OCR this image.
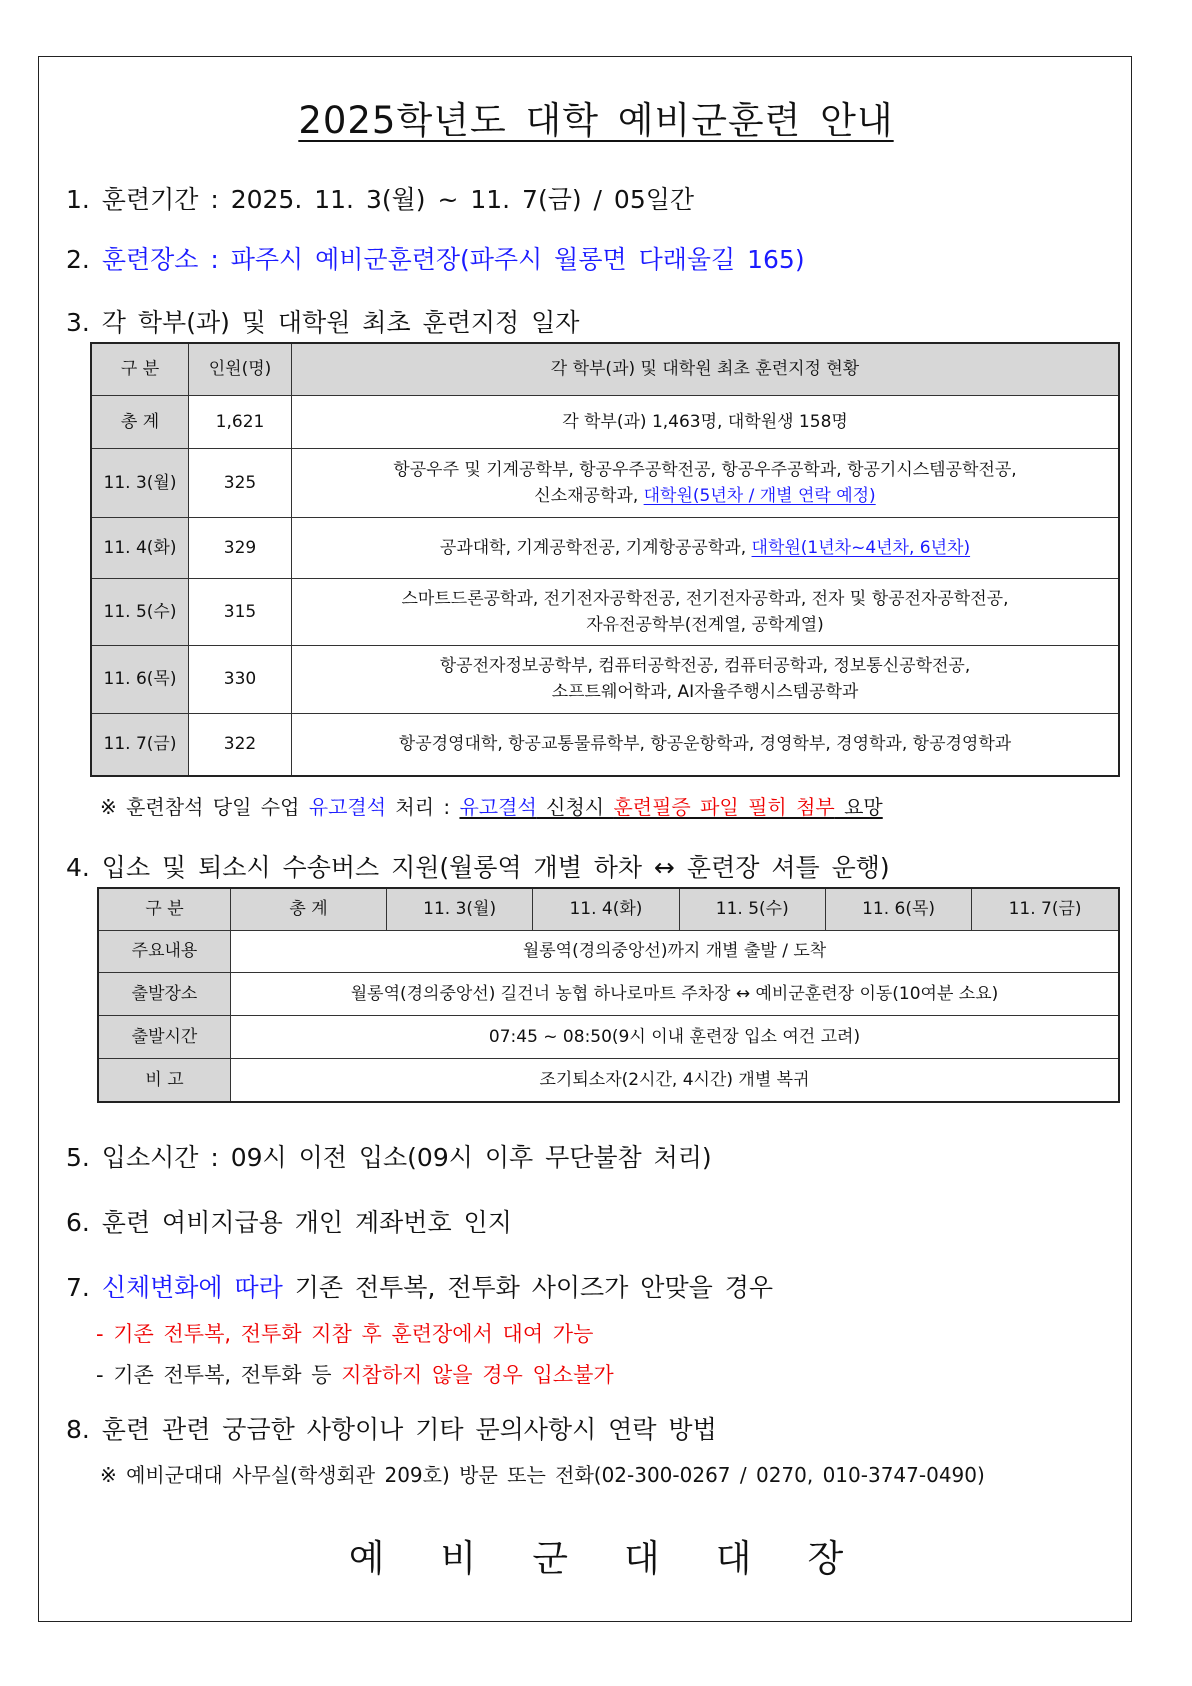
2025학년도 대학 예비군훈련 안내
1. 훈련기간 : 2025. 11. 3(월) ~ 11. 7(금) / 05일간
2. 훈련장소 : 파주시 예비군훈련장(파주시 월롱면 다래울길 165)
3. 각 학부(과) 및 대학원 최초 훈련지정 일자
구 분	인원(명)	각 학부(과) 및 대학원 최초 훈련지정 현황
총 계	1,621	각 학부(과) 1,463명, 대학원생 158명
11. 3(월)	325	항공우주 및 기계공학부, 항공우주공학전공, 항공우주공학과, 항공기시스템공학전공,
신소재공학과, 대학원(5년차 / 개별 연락 예정)
11. 4(화)	329	공과대학, 기계공학전공, 기계항공공학과, 대학원(1년차~4년차, 6년차)
11. 5(수)	315	스마트드론공학과, 전기전자공학전공, 전기전자공학과, 전자 및 항공전자공학전공,
자유전공학부(전계열, 공학계열)
11. 6(목)	330	항공전자정보공학부, 컴퓨터공학전공, 컴퓨터공학과, 정보통신공학전공,
소프트웨어학과, AI자율주행시스템공학과
11. 7(금)	322	항공경영대학, 항공교통물류학부, 항공운항학과, 경영학부, 경영학과, 항공경영학과
※ 훈련참석 당일 수업 유고결석 처리 : 유고결석 신청시 훈련필증 파일 필히 첨부 요망
4. 입소 및 퇴소시 수송버스 지원(월롱역 개별 하차 ↔ 훈련장 셔틀 운행)
구 분	총 계	11. 3(월)	11. 4(화)	11. 5(수)	11. 6(목)	11. 7(금)
주요내용	월롱역(경의중앙선)까지 개별 출발 / 도착					
출발장소	월롱역(경의중앙선) 길건너 농협 하나로마트 주차장 ↔ 예비군훈련장 이동(10여분 소요)					
출발시간	07:45 ~ 08:50(9시 이내 훈련장 입소 여건 고려)					
비 고	조기퇴소자(2시간, 4시간) 개별 복귀					
5. 입소시간 : 09시 이전 입소(09시 이후 무단불참 처리)
6. 훈련 여비지급용 개인 계좌번호 인지
7. 신체변화에 따라 기존 전투복, 전투화 사이즈가 안맞을 경우
- 기존 전투복, 전투화 지참 후 훈련장에서 대여 가능
- 기존 전투복, 전투화 등 지참하지 않을 경우 입소불가
8. 훈련 관련 궁금한 사항이나 기타 문의사항시 연락 방법
※ 예비군대대 사무실(학생회관 209호) 방문 또는 전화(02-300-0267 / 0270, 010-3747-0490)
예 비 군 대 대 장
